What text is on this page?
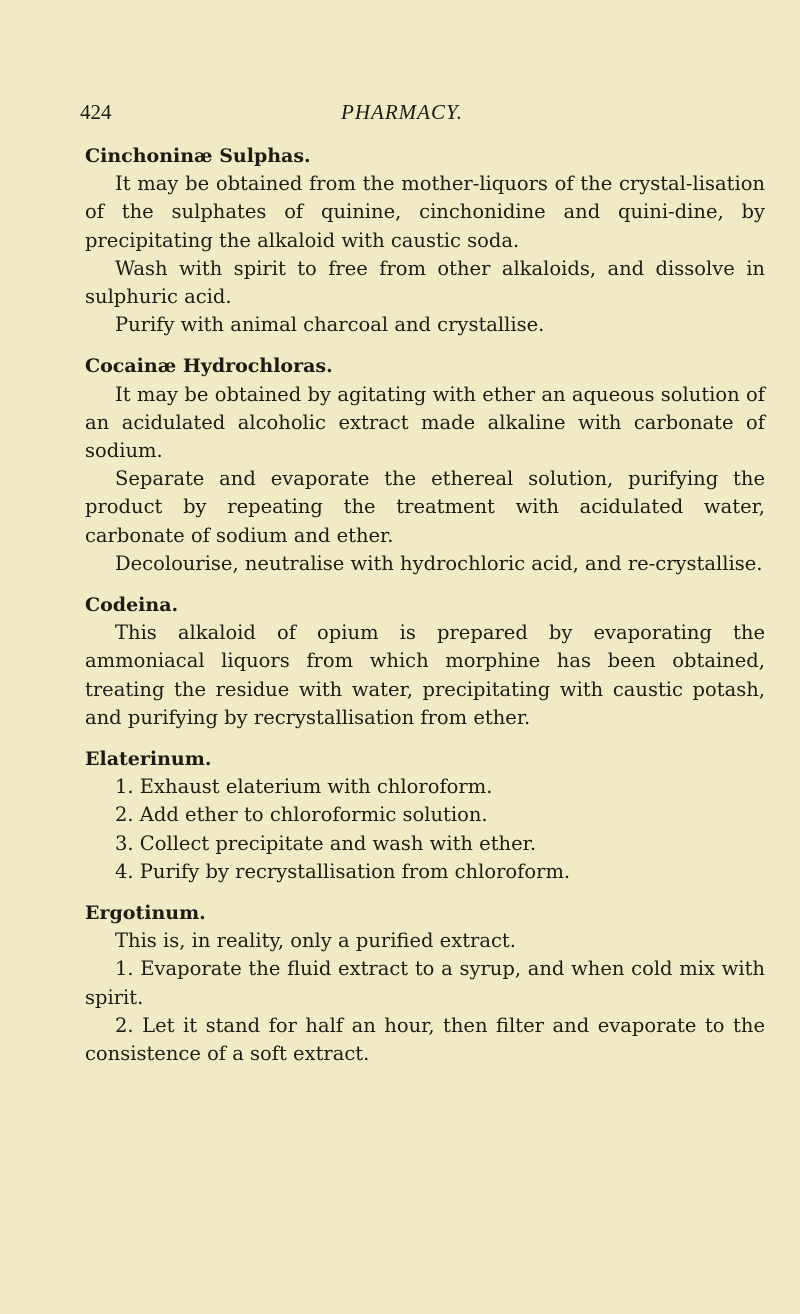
424	PHARMACY.

Cinchoninæ Sulphas.

It may be obtained from the mother-liquors of the crystal-lisation of the sulphates of quinine, cinchonidine and quini-dine, by precipitating the alkaloid with caustic soda.

Wash with spirit to free from other alkaloids, and dissolve in sulphuric acid.

Purify with animal charcoal and crystallise.

Cocainæ Hydrochloras.

It may be obtained by agitating with ether an aqueous solution of an acidulated alcoholic extract made alkaline with carbonate of sodium.

Separate and evaporate the ethereal solution, purifying the product by repeating the treatment with acidulated water, carbonate of sodium and ether.

Decolourise, neutralise with hydrochloric acid, and re-crystallise.

Codeina.

This alkaloid of opium is prepared by evaporating the ammoniacal liquors from which morphine has been obtained, treating the residue with water, precipitating with caustic potash, and purifying by recrystallisation from ether.

Elaterinum.

1. Exhaust elaterium with chloroform.

2. Add ether to chloroformic solution.

3. Collect precipitate and wash with ether.

4. Purify by recrystallisation from chloroform.

Ergotinum.

This is, in reality, only a purified extract.

1. Evaporate the fluid extract to a syrup, and when cold mix with spirit.

2. Let it stand for half an hour, then filter and evaporate to the consistence of a soft extract.
